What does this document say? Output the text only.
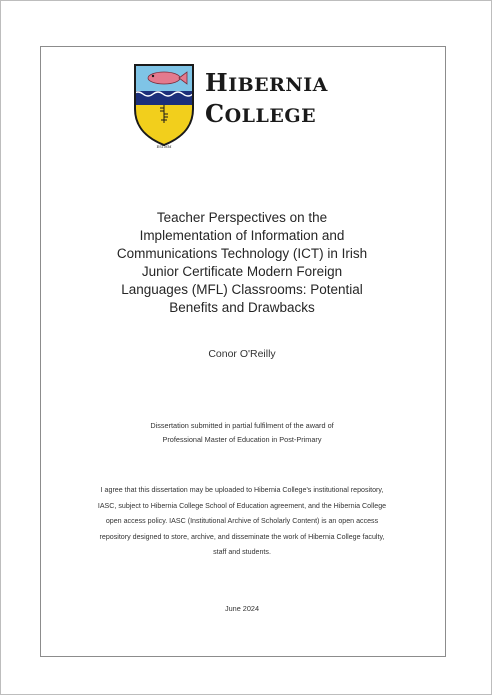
ESTMM
HIBERNIA
COLLEGE
Teacher Perspectives on the
Implementation of Information and
Communications Technology (ICT) in Irish
Junior Certificate Modern Foreign
Languages (MFL) Classrooms: Potential
Benefits and Drawbacks
Conor O'Reilly
Dissertation submitted in partial fulfilment of the award of
Professional Master of Education in Post-Primary
I agree that this dissertation may be uploaded to Hibernia College's institutional repository,
IASC, subject to Hibernia College School of Education agreement, and the Hibernia College
open access policy. IASC (Institutional Archive of Scholarly Content) is an open access
repository designed to store, archive, and disseminate the work of Hibernia College faculty,
staff and students.
June 2024
